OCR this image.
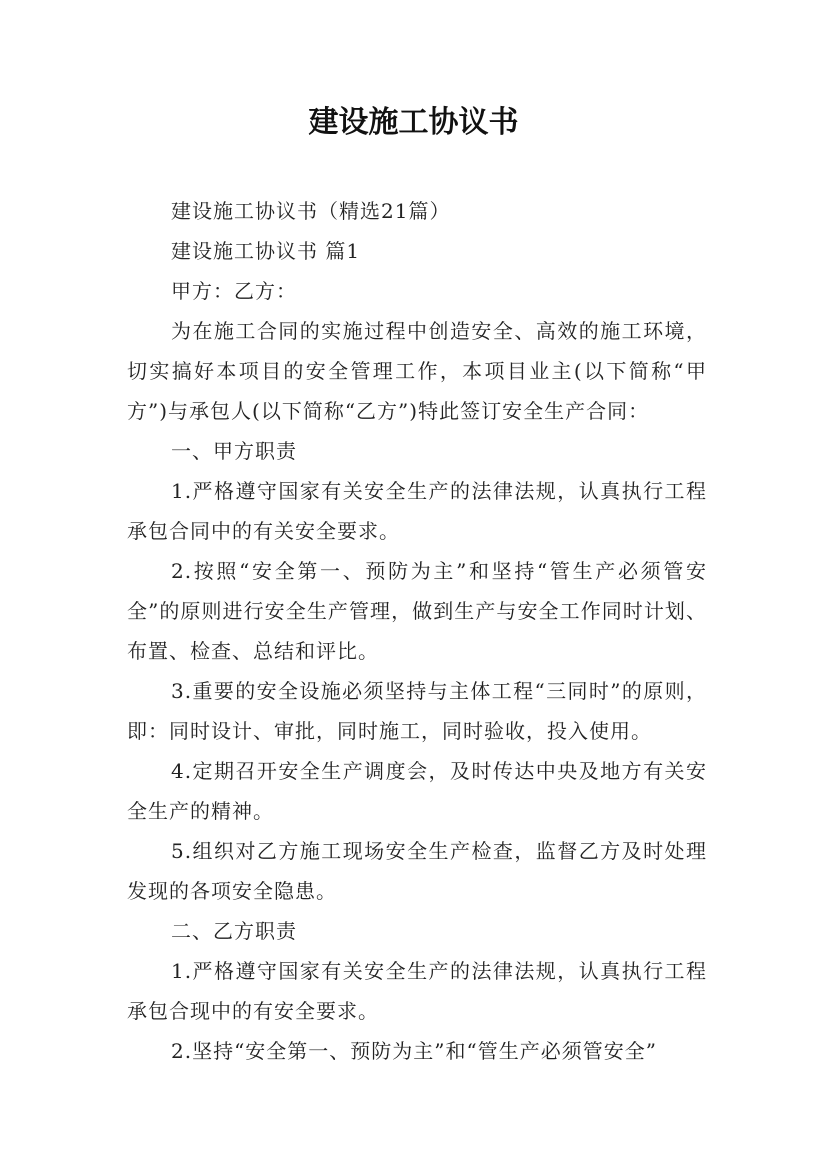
建设施工协议书

建设施工协议书（精选21篇）

建设施工协议书 篇1

甲方：乙方：

为在施工合同的实施过程中创造安全、高效的施工环境，切实搞好本项目的安全管理工作，本项目业主(以下简称“甲方”)与承包人(以下简称“乙方”)特此签订安全生产合同：

一、甲方职责

1.严格遵守国家有关安全生产的法律法规，认真执行工程承包合同中的有关安全要求。

2.按照“安全第一、预防为主”和坚持“管生产必须管安全”的原则进行安全生产管理，做到生产与安全工作同时计划、布置、检查、总结和评比。

3.重要的安全设施必须坚持与主体工程“三同时”的原则，即：同时设计、审批，同时施工，同时验收，投入使用。

4.定期召开安全生产调度会，及时传达中央及地方有关安全生产的精神。

5.组织对乙方施工现场安全生产检查，监督乙方及时处理发现的各项安全隐患。

二、乙方职责

1.严格遵守国家有关安全生产的法律法规，认真执行工程承包合现中的有安全要求。

2.坚持“安全第一、预防为主”和“管生产必须管安全”
